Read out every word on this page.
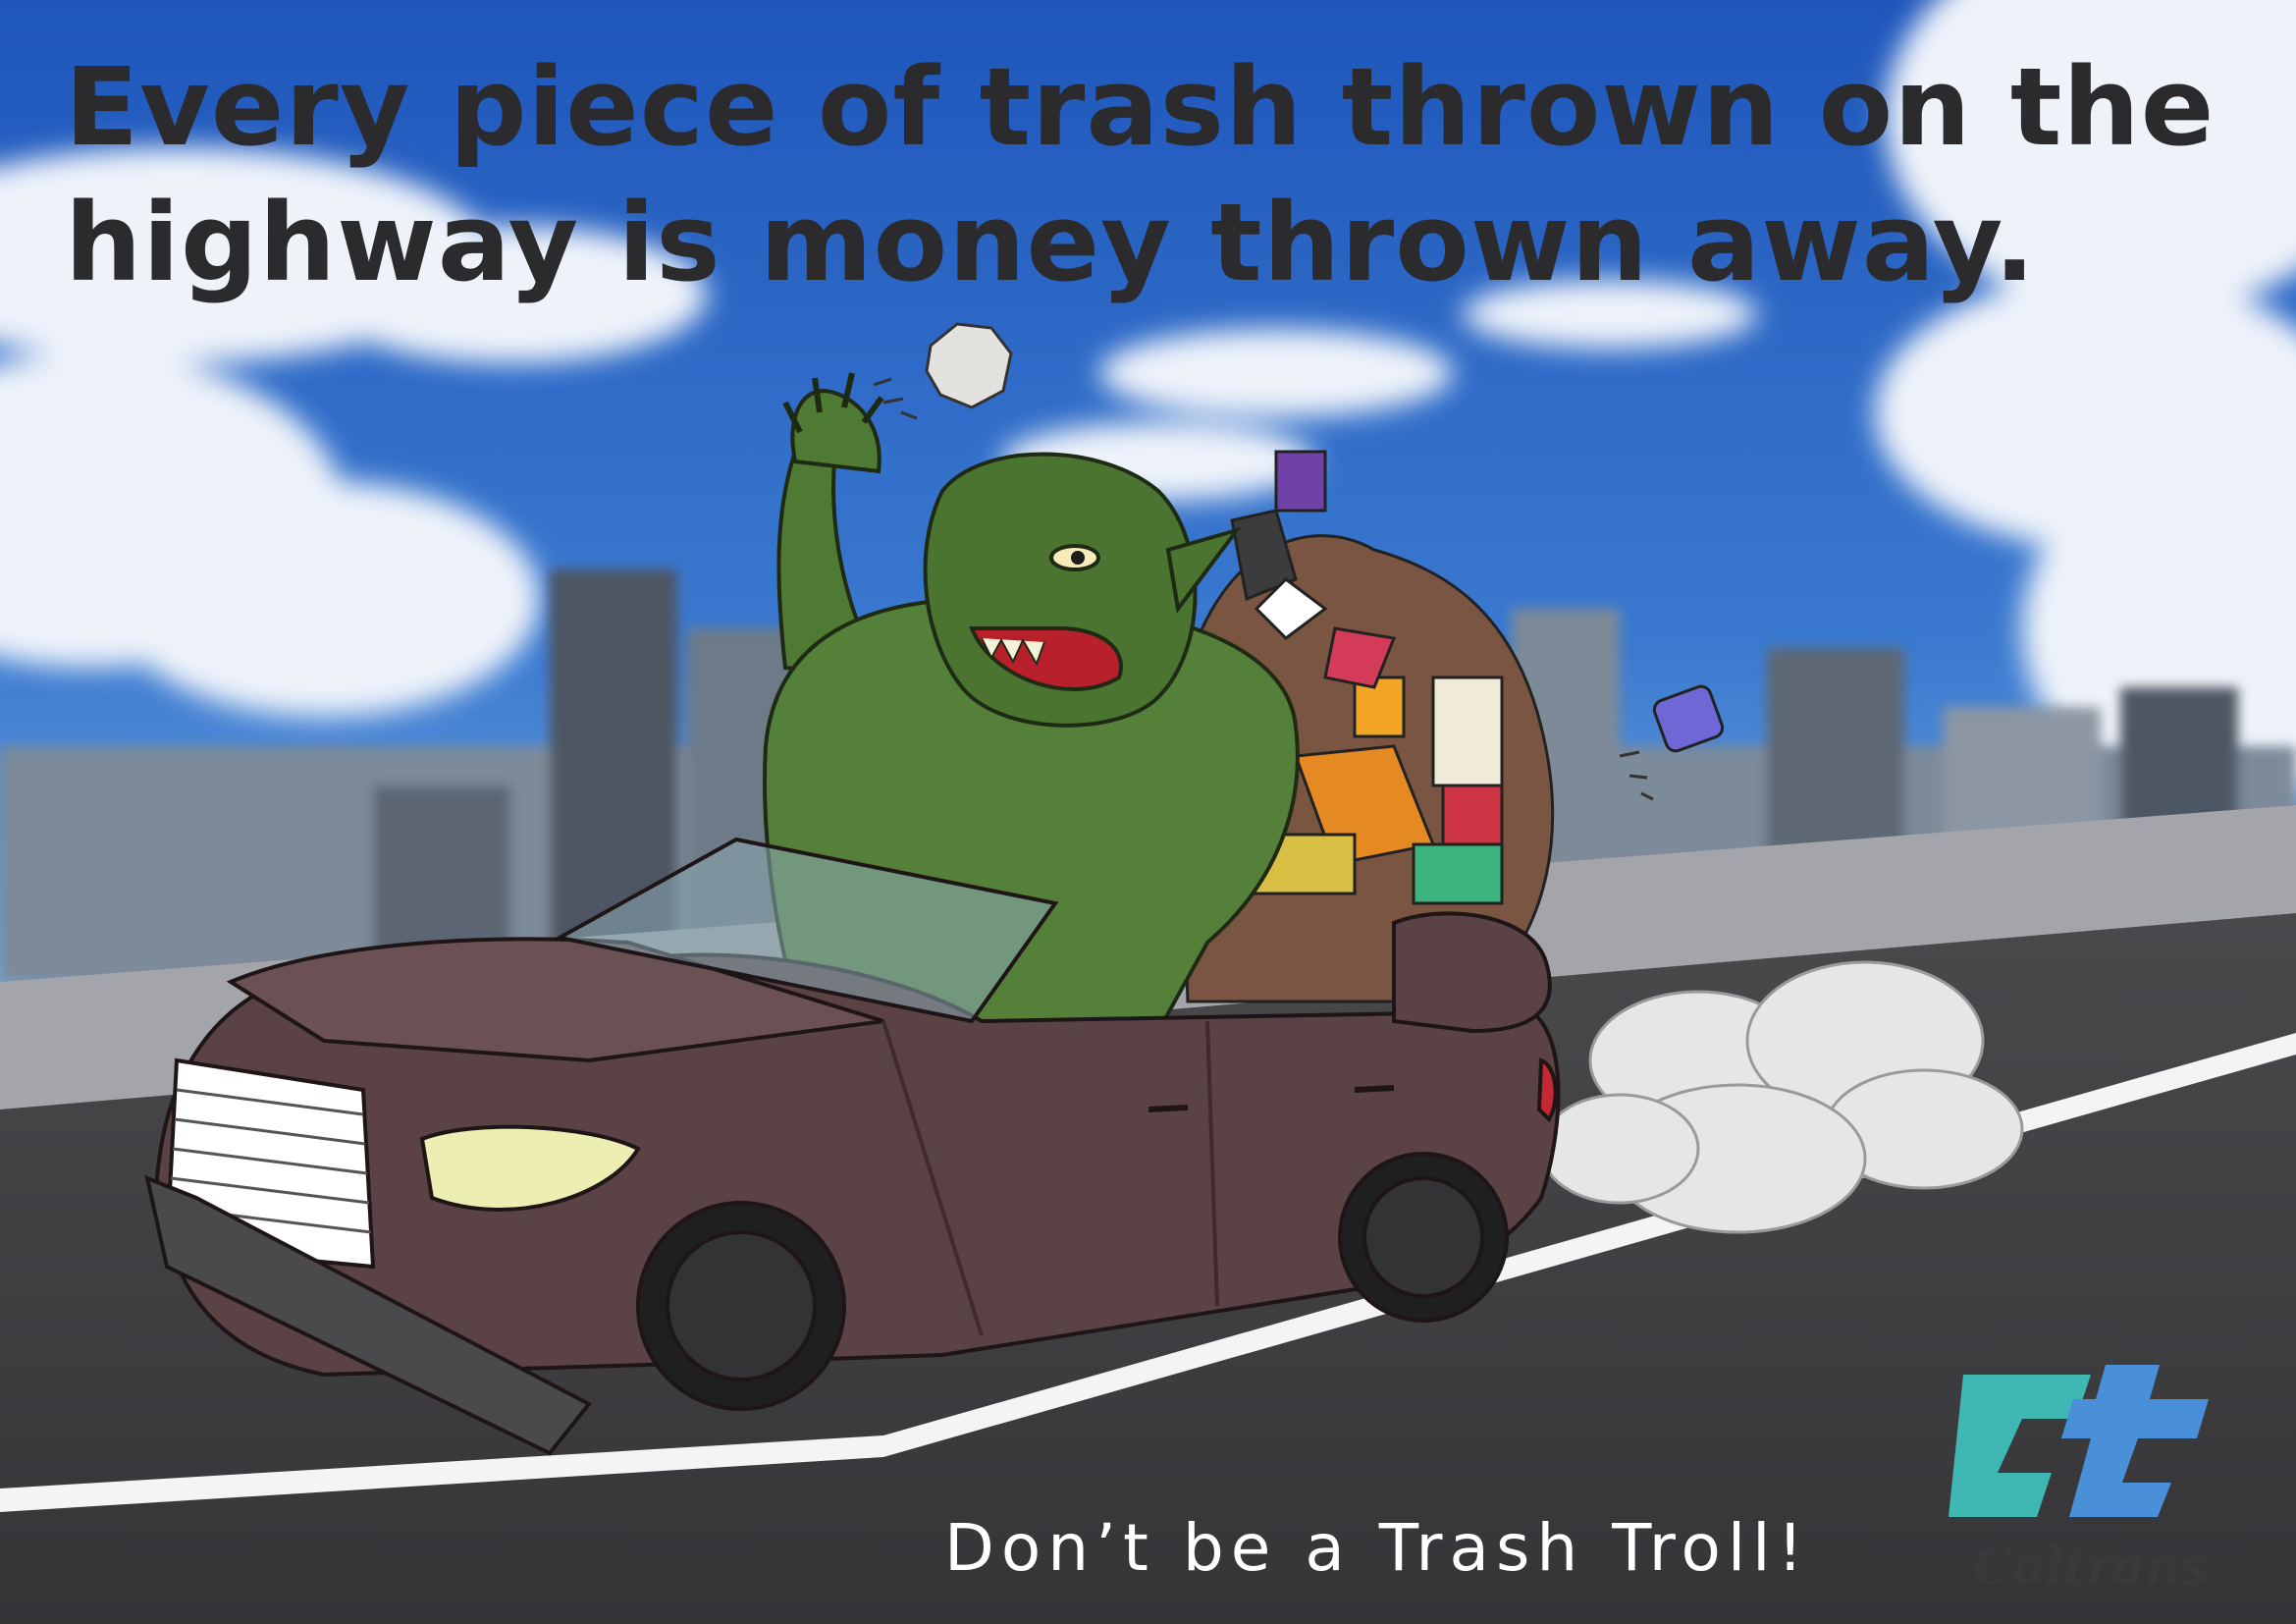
Every piece of trash thrown on the
highway is money thrown away.
Don’t be a Trash Troll!	Caltrans
